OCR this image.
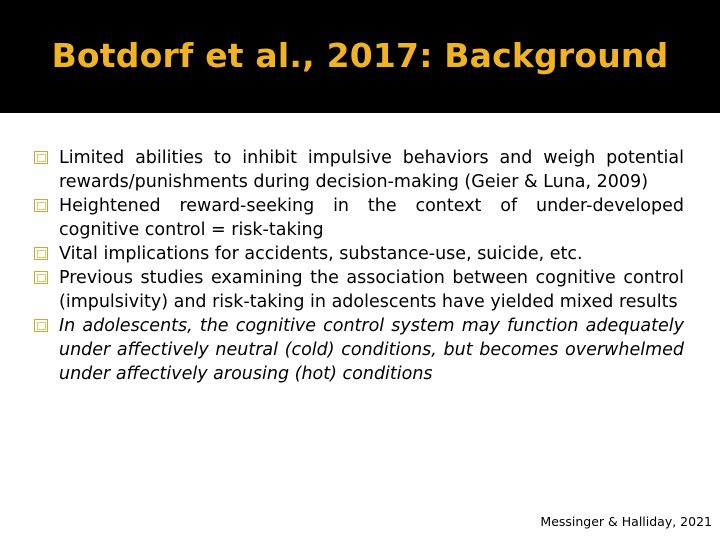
Botdorf et al., 2017: Background
Limited abilities to inhibit impulsive behaviors and weigh potential rewards/punishments during decision-making (Geier & Luna, 2009)
Heightened reward-seeking in the context of under-developed cognitive control = risk-taking
Vital implications for accidents, substance-use, suicide, etc.
Previous studies examining the association between cognitive control (impulsivity) and risk-taking in adolescents have yielded mixed results
In adolescents, the cognitive control system may function adequately under affectively neutral (cold) conditions, but becomes overwhelmed under affectively arousing (hot) conditions
Messinger & Halliday, 2021
